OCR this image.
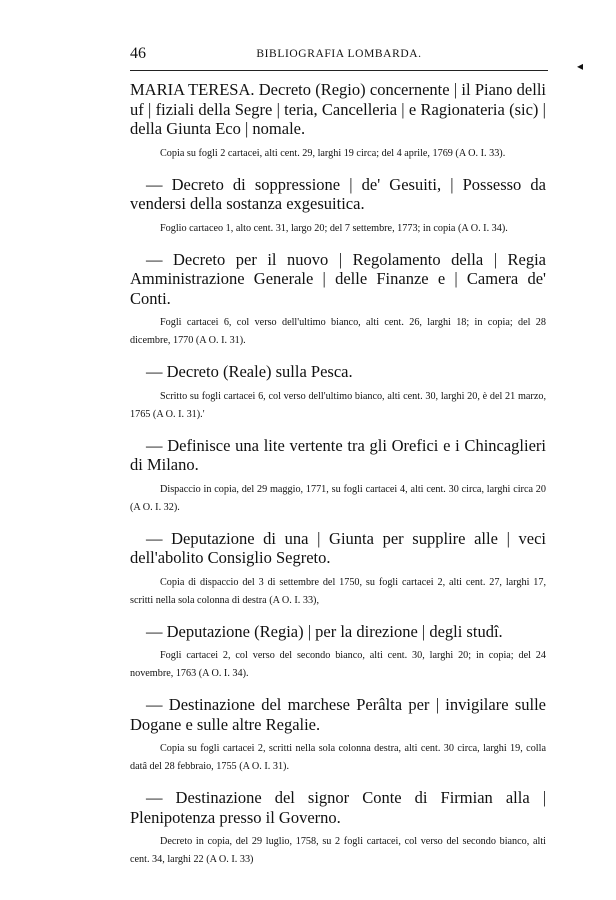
46	BIBLIOGRAFIA LOMBARDA.
◂

MARIA TERESA. Decreto (Regio) concernente | il Piano delli uf | fiziali della Segre | teria, Cancelleria | e Ragionateria (sic) | della Giunta Eco | nomale.

Copia su fogli 2 cartacei, alti cent. 29, larghi 19 circa; del 4 aprile, 1769 (A O. I. 33).

— Decreto di soppressione | de' Gesuiti, | Possesso da vendersi della sostanza exgesuitica.

Foglio cartaceo 1, alto cent. 31, largo 20; del 7 settembre, 1773; in copia (A O. I. 34).

— Decreto per il nuovo | Regolamento della | Regia Amministrazione Generale | delle Finanze e | Camera de' Conti.

Fogli cartacei 6, col verso dell'ultimo bianco, alti cent. 26, larghi 18; in copia; del 28 dicembre, 1770 (A O. I. 31).

— Decreto (Reale) sulla Pesca.

Scritto su fogli cartacei 6, col verso dell'ultimo bianco, alti cent. 30, larghi 20, è del 21 marzo, 1765 (A O. I. 31).'

— Definisce una lite vertente tra gli Orefici e i Chincaglieri di Milano.

Dispaccio in copia, del 29 maggio, 1771, su fogli cartacei 4, alti cent. 30 circa, larghi circa 20 (A O. I. 32).

— Deputazione di una | Giunta per supplire alle | veci dell'abolito Consiglio Segreto.

Copia di dispaccio del 3 di settembre del 1750, su fogli cartacei 2, alti cent. 27, larghi 17, scritti nella sola colonna di destra (A O. I. 33),

— Deputazione (Regia) | per la direzione | degli studî.

Fogli cartacei 2, col verso del secondo bianco, alti cent. 30, larghi 20; in copia; del 24 novembre, 1763 (A O. I. 34).

— Destinazione del marchese Perâlta per | invigilare sulle Dogane e sulle altre Regalie.

Copia su fogli cartacei 2, scritti nella sola colonna destra, alti cent. 30 circa, larghi 19, colla datâ del 28 febbraio, 1755 (A O. I. 31).

— Destinazione del signor Conte di Firmian alla | Plenipotenza presso il Governo.

Decreto in copia, del 29 luglio, 1758, su 2 fogli cartacei, col verso del secondo bianco, alti cent. 34, larghi 22 (A O. I. 33)
